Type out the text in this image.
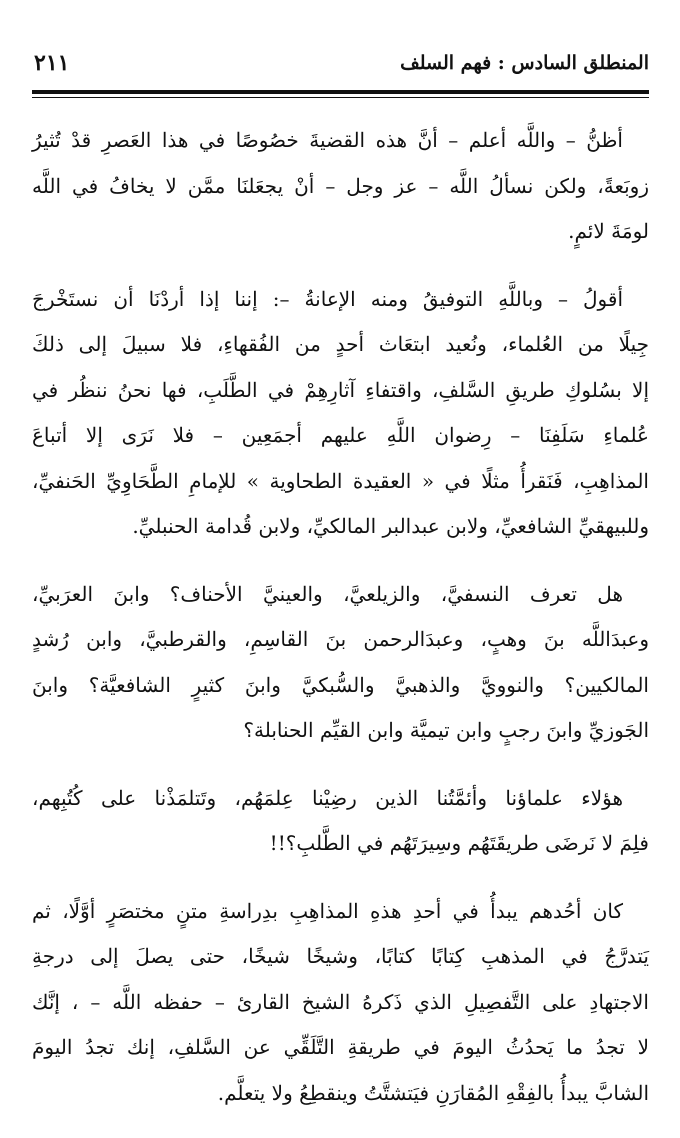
المنطلق السادس : فهم السلف
٢١١

أظنُّ – واللَّه أعلم – أنَّ هذه القضيةَ خصُوصًا في هذا العَصرِ قدْ تُثيرُ
زوبَعةً، ولكن نسألُ اللَّه – عز وجل – أنْ يجعَلنَا ممَّن لا يخافُ في اللَّه
لومَةَ لائمٍ.

أقولُ – وباللَّهِ التوفيقُ ومنه الإعانةُ –: إننا إذا أردْنَا أن نستَخْرجَ
جِيلًا من العُلماء، ونُعيد ابتعَاث أحدٍ من الفُقهاءِ، فلا سبيلَ إلى ذلكَ
إلا بسُلوكِ طريقِ السَّلفِ، واقتفاءِ آثارِهِمْ في الطَّلَبِ، فها نحنُ ننظُر في
عُلماءِ سَلَفِنَا – رِضوان اللَّهِ عليهم أجمَعِين – فلا نَرَى إلا أتباعَ
المذاهِبِ، فَنَقرأُ مثلًا في « العقيدة الطحاوية » للإمامِ الطَّحَاوِيِّ الحَنفيِّ،
وللبيهقيِّ الشافعيِّ، ولابن عبدالبر المالكيِّ، ولابن قُدامة الحنبليِّ.

هل تعرف النسفيَّ، والزيلعيَّ، والعينيَّ الأحناف؟ وابنَ العرَبيِّ،
وعبدَاللَّه بنَ وهبٍ، وعبدَالرحمن بنَ القاسِمِ، والقرطبيَّ، وابن رُشدٍ
المالكيين؟ والنوويَّ والذهبيَّ والسُّبكيَّ وابنَ كثيرٍ الشافعيَّة؟ وابنَ
الجَوزيِّ وابنَ رجبٍ وابن تيميَّة وابن القيِّم الحنابلة؟

هؤلاء علماؤنا وأئمَّتُنا الذين رضِيْنا عِلمَهُم، وتَتلمَذْنا على كُتُبِهم،
فلِمَ لا نَرضَى طريقَتَهُم وسِيرَتَهُم في الطَّلبِ؟!!

كان أحُدهم يبدأُ في أحدِ هذهِ المذاهِبِ بدِراسةِ متنٍ مختصَرٍ أوَّلًا، ثم
يَتدرَّجُ في المذهبِ كِتابًا كتابًا، وشيخًا شيخًا، حتى يصلَ إلى درجةِ
الاجتهادِ على التَّفصِيلِ الذي ذَكرهُ الشيخ القارئ – حفظه اللَّه – ، إنَّك
لا تجدُ ما يَحدُثُ اليومَ في طريقةِ التَّلَقِّي عن السَّلفِ، إنك تجدُ اليومَ
الشابَّ يبدأُ بالفِقْهِ المُقارَنِ فيَتشتَّتُ وينقطِعُ ولا يتعلَّم.
